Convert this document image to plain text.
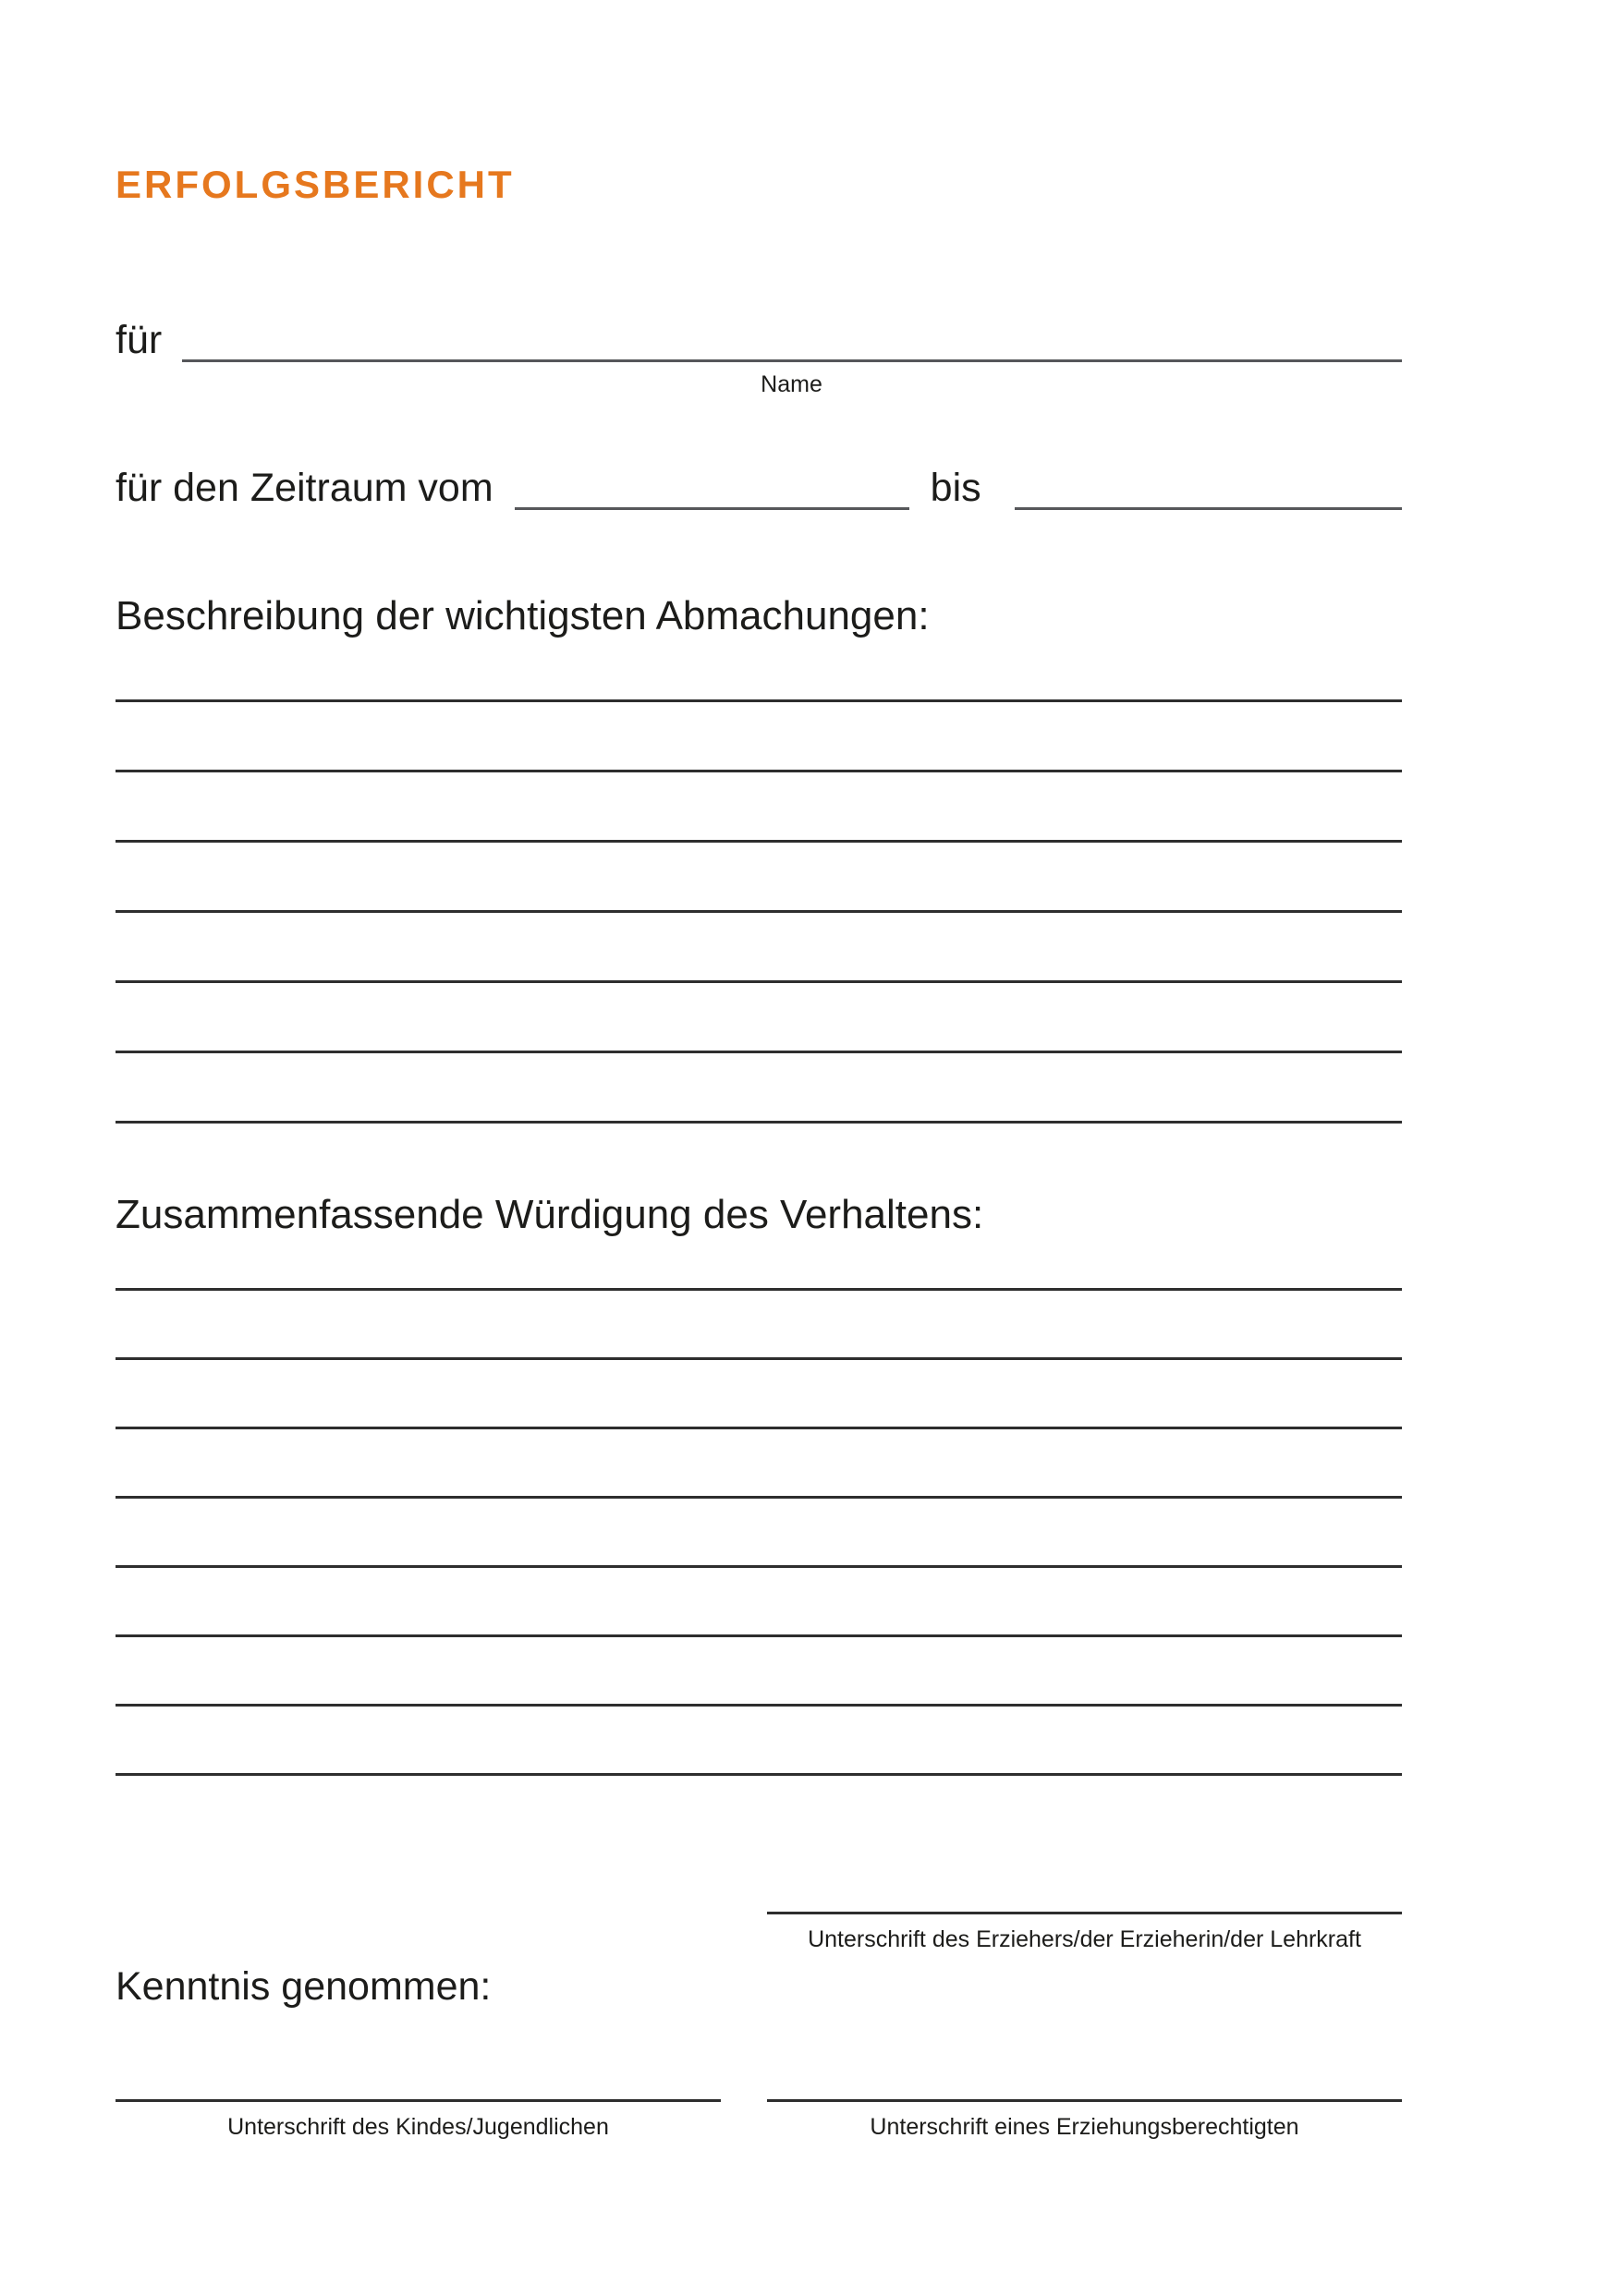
ERFOLGSBERICHT
für
Name
für den Zeitraum vom	bis
Beschreibung der wichtigsten Abmachungen:
Zusammenfassende Würdigung des Verhaltens:
Unterschrift des Erziehers/der Erzieherin/der Lehrkraft
Kenntnis genommen:
Unterschrift des Kindes/Jugendlichen	Unterschrift eines Erziehungsberechtigten
